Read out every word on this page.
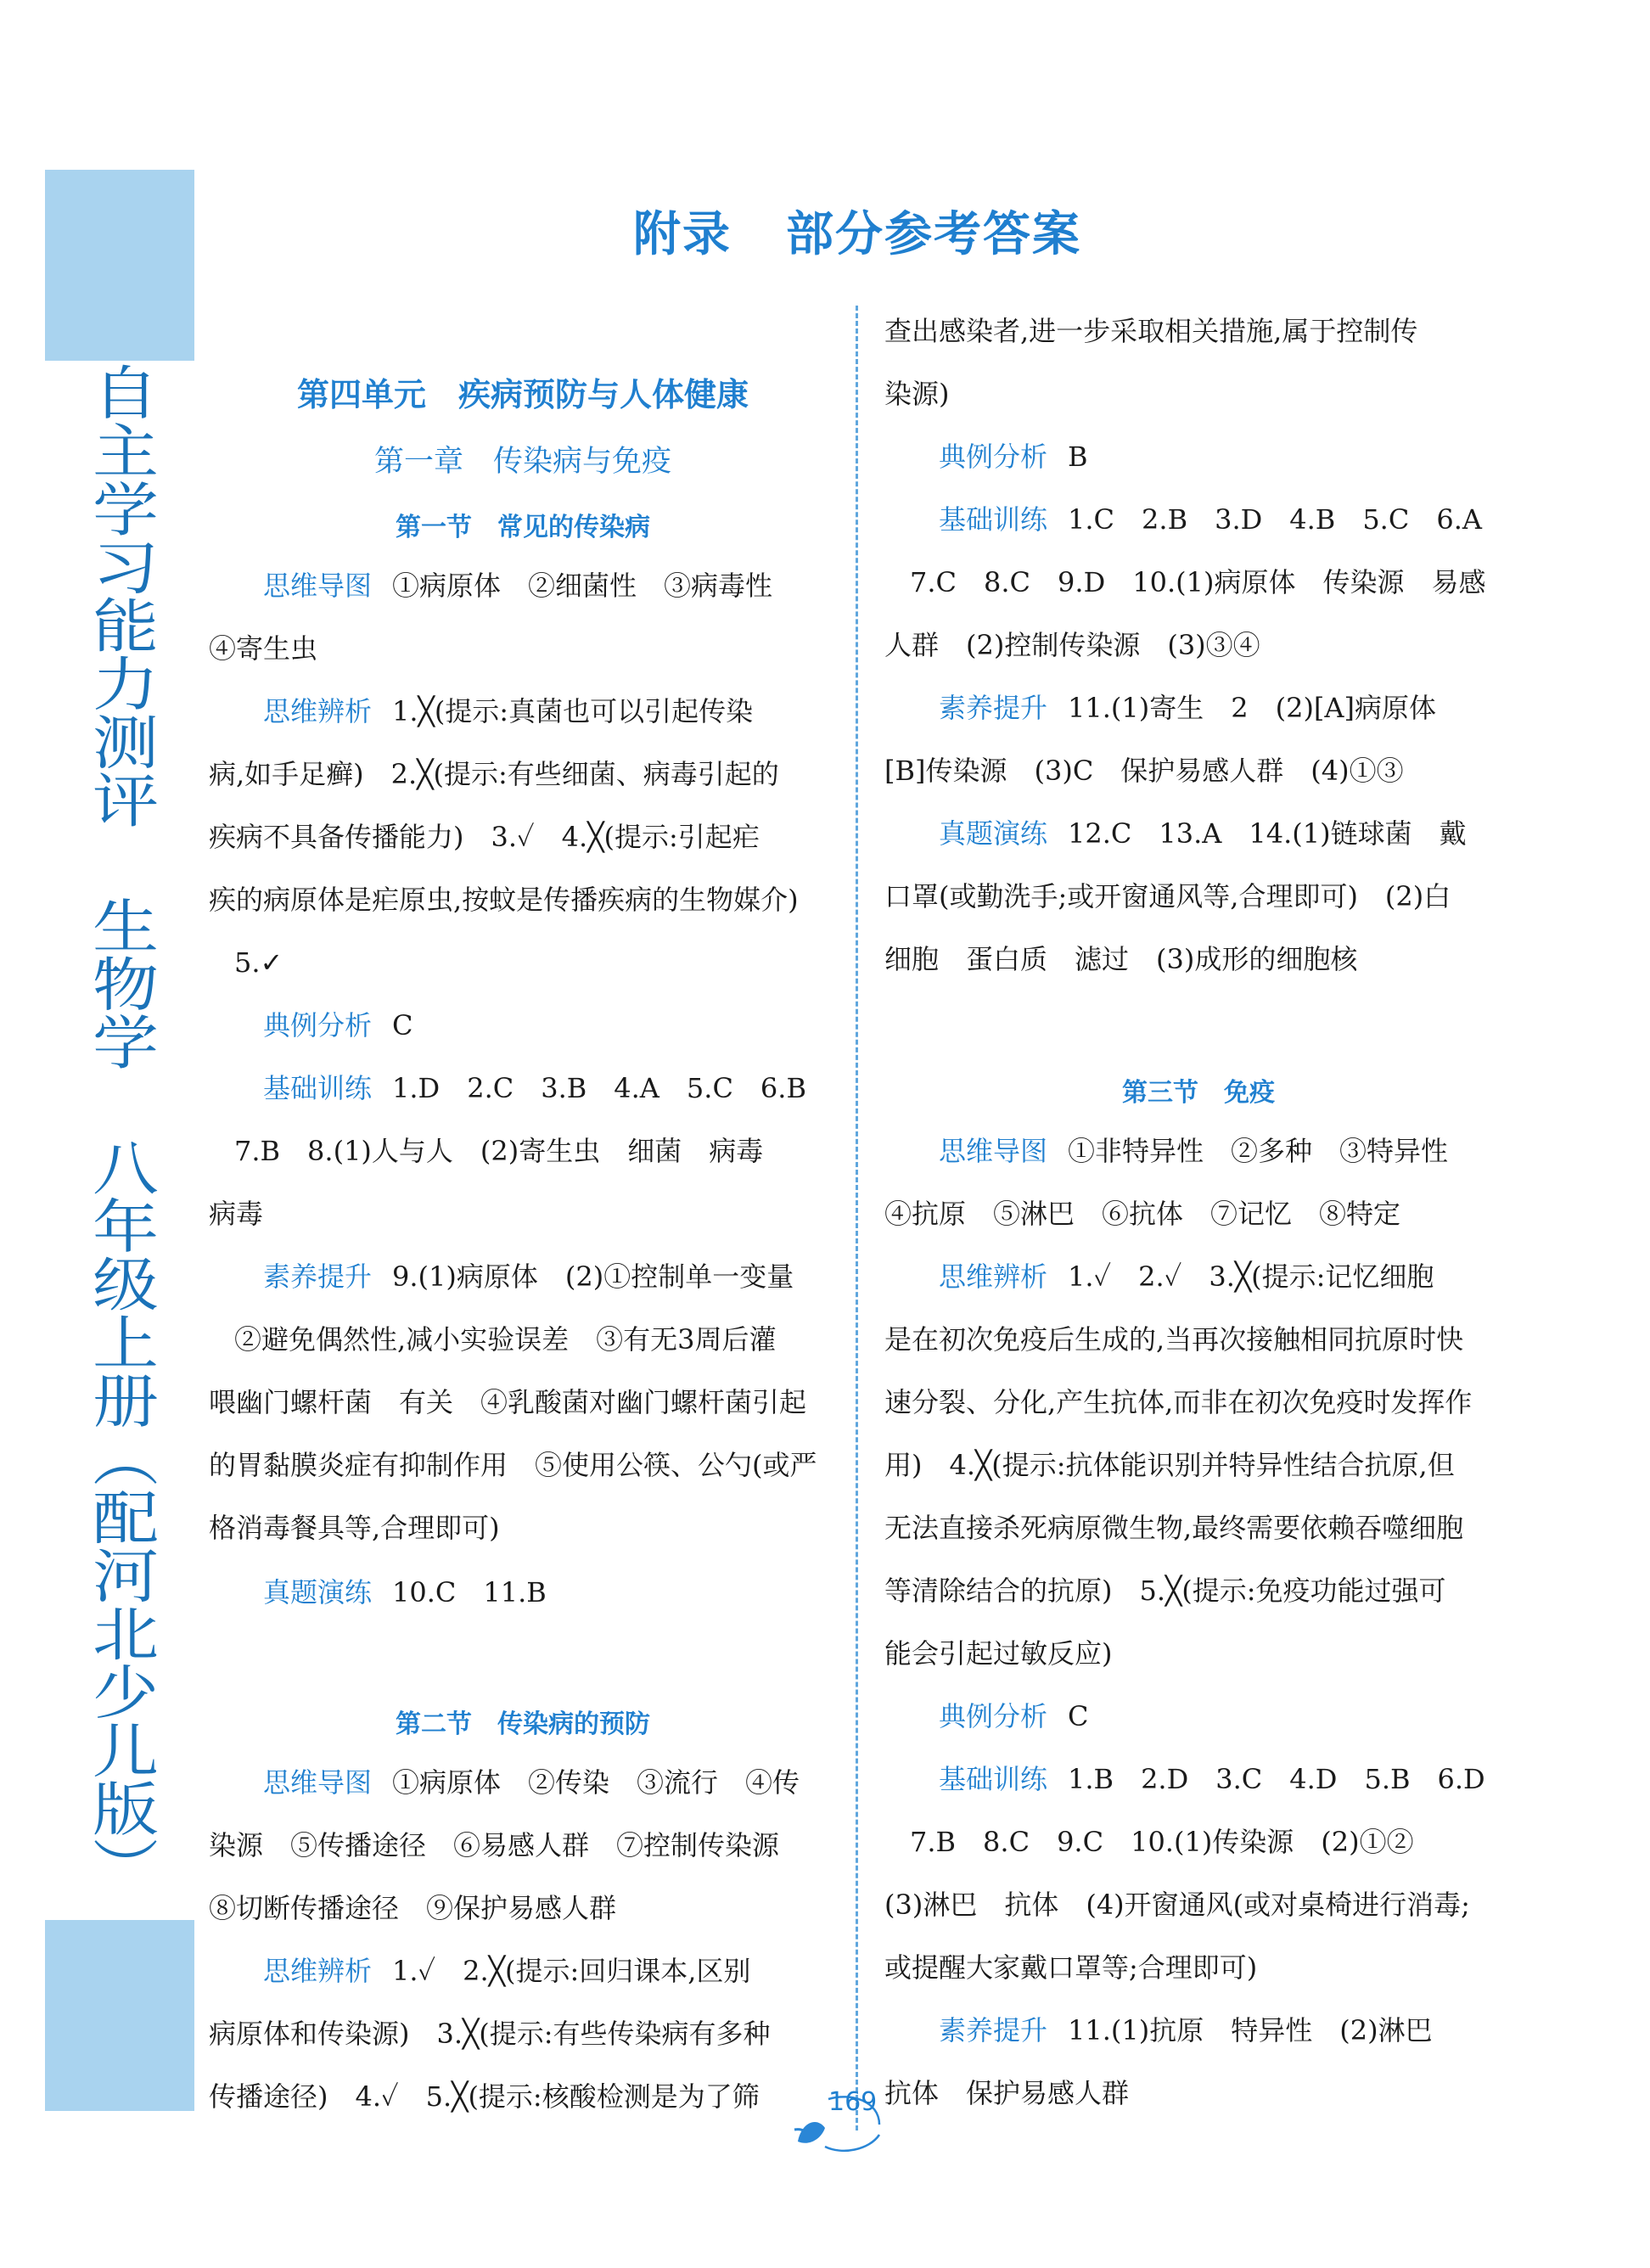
自主学习能力测评 生物学 八年级上册（配河北少儿版）
附录 部分参考答案
第四单元　疾病预防与人体健康
第一章　传染病与免疫
第一节　常见的传染病
思维导图 ①病原体　②细菌性　③病毒性
④寄生虫
思维辨析 1.╳(提示:真菌也可以引起传染
病,如手足癣)　2.╳(提示:有些细菌、病毒引起的
疾病不具备传播能力)　3.✓　4.╳(提示:引起疟
疾的病原体是疟原虫,按蚊是传播疾病的生物媒介)
5.✓
典例分析 C
基础训练 1.D　2.C　3.B　4.A　5.C　6.B
7.B　8.(1)人与人　(2)寄生虫　细菌　病毒
病毒
素养提升 9.(1)病原体　(2)①控制单一变量
②避免偶然性,减小实验误差　③有无3周后灌
喂幽门螺杆菌　有关　④乳酸菌对幽门螺杆菌引起
的胃黏膜炎症有抑制作用　⑤使用公筷、公勺(或严
格消毒餐具等,合理即可)
真题演练 10.C　11.B
第二节　传染病的预防
思维导图 ①病原体　②传染　③流行　④传
染源　⑤传播途径　⑥易感人群　⑦控制传染源
⑧切断传播途径　⑨保护易感人群
思维辨析 1.✓　2.╳(提示:回归课本,区别
病原体和传染源)　3.╳(提示:有些传染病有多种
传播途径)　4.✓　5.╳(提示:核酸检测是为了筛
查出感染者,进一步采取相关措施,属于控制传
染源)
典例分析 B
基础训练 1.C　2.B　3.D　4.B　5.C　6.A
7.C　8.C　9.D　10.(1)病原体　传染源　易感
人群　(2)控制传染源　(3)③④
素养提升 11.(1)寄生　2　(2)[A]病原体
[B]传染源　(3)C　保护易感人群　(4)①③
真题演练 12.C　13.A　14.(1)链球菌　戴
口罩(或勤洗手;或开窗通风等,合理即可)　(2)白
细胞　蛋白质　滤过　(3)成形的细胞核
第三节　免疫
思维导图 ①非特异性　②多种　③特异性
④抗原　⑤淋巴　⑥抗体　⑦记忆　⑧特定
思维辨析 1.✓　2.✓　3.╳(提示:记忆细胞
是在初次免疫后生成的,当再次接触相同抗原时快
速分裂、分化,产生抗体,而非在初次免疫时发挥作
用)　4.╳(提示:抗体能识别并特异性结合抗原,但
无法直接杀死病原微生物,最终需要依赖吞噬细胞
等清除结合的抗原)　5.╳(提示:免疫功能过强可
能会引起过敏反应)
典例分析 C
基础训练 1.B　2.D　3.C　4.D　5.B　6.D
7.B　8.C　9.C　10.(1)传染源　(2)①②
(3)淋巴　抗体　(4)开窗通风(或对桌椅进行消毒;
或提醒大家戴口罩等;合理即可)
素养提升 11.(1)抗原　特异性　(2)淋巴
抗体　保护易感人群
169
